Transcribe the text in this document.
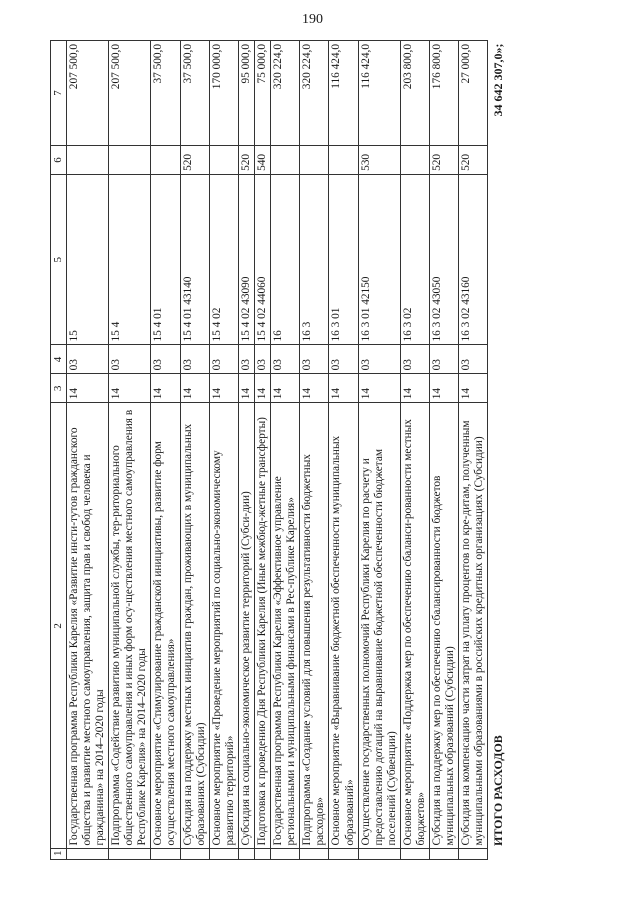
190
1	2	3	4	5	6	7
	Государственная программа Республики Карелия «Развитие инсти-тутов гражданского общества и развитие местного самоуправления, защита прав и свобод человека и гражданина» на 2014–2020 годы	14	03	15		207 500,0
	Подпрограмма «Содействие развитию муниципальной службы, тер-риториального общественного самоуправления и иных форм осу-ществления местного самоуправления в Республике Карелия» на 2014–2020 годы	14	03	15 4		207 500,0
	Основное мероприятие «Стимулирование гражданской инициативы, развитие форм осуществления местного самоуправления»	14	03	15 4 01		37 500,0
	Субсидия на поддержку местных инициатив граждан, проживающих в муниципальных образованиях (Субсидии)	14	03	15 4 01 43140	520	37 500,0
	Основное мероприятие «Проведение мероприятий по социально-экономическому развитию территорий»	14	03	15 4 02		170 000,0
	Субсидия на социально-экономическое развитие территорий (Субси-дии)	14	03	15 4 02 43090	520	95 000,0
	Подготовка к проведению Дня Республики Карелия (Иные межбюд-жетные трансферты)	14	03	15 4 02 44060	540	75 000,0
	Государственная программа Республики Карелия «Эффективное управление региональными и муниципальными финансами в Рес-публике Карелия»	14	03	16		320 224,0
	Подпрограмма «Создание условий для повышения результативности бюджетных расходов»	14	03	16 3		320 224,0
	Основное мероприятие «Выравнивание бюджетной обеспеченности муниципальных образований»	14	03	16 3 01		116 424,0
	Осуществление государственных полномочий Республики Карелия по расчету и предоставлению дотаций на выравнивание бюджетной обеспеченности бюджетам поселений (Субвенции)	14	03	16 3 01 42150	530	116 424,0
	Основное мероприятие «Поддержка мер по обеспечению сбаланси-рованности местных бюджетов»	14	03	16 3 02		203 800,0
	Субсидия на поддержку мер по обеспечению сбалансированности бюджетов муниципальных образований (Субсидии)	14	03	16 3 02 43050	520	176 800,0
	Субсидия на компенсацию части затрат на уплату процентов по кре-дитам, полученным муниципальными образованиями в российских кредитных организациях (Субсидии)	14	03	16 3 02 43160	520	27 000,0
	ИТОГО РАСХОДОВ					34 642 307,0»;
